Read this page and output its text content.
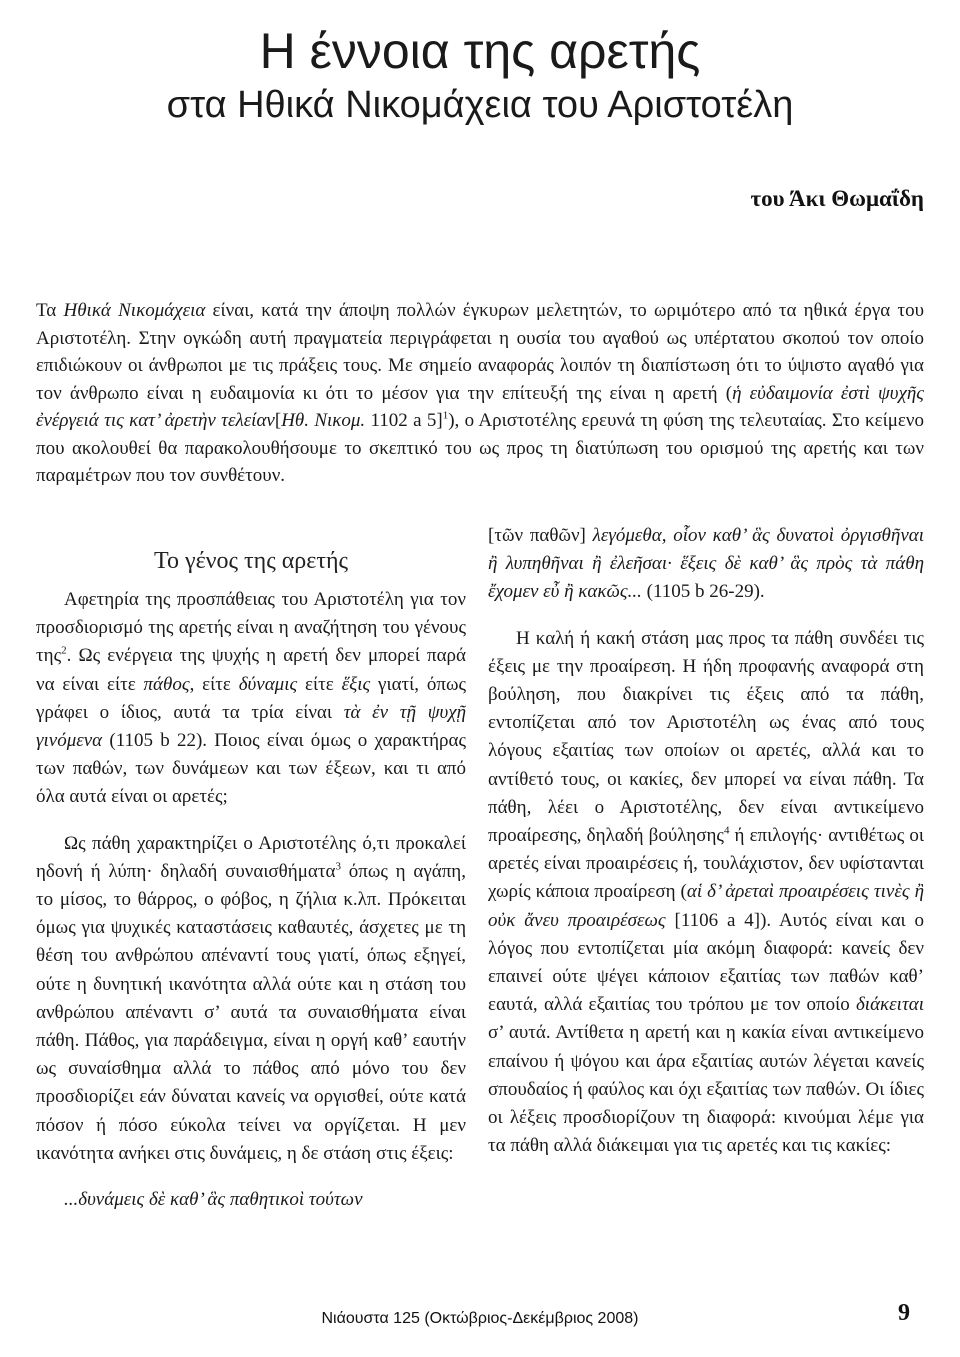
Η έννοια της αρετής
στα Ηθικά Νικομάχεια του Αριστοτέλη
του Άκι Θωμαΐδη

Τα Ηθικά Νικομάχεια είναι, κατά την άποψη πολλών έγκυρων μελετητών, το ωριμότερο από τα ηθικά έργα του Αριστοτέλη. Στην ογκώδη αυτή πραγματεία περιγράφεται η ουσία του αγαθού ως υπέρτατου σκοπού τον οποίο επιδιώκουν οι άνθρωποι με τις πράξεις τους. Με σημείο αναφοράς λοιπόν τη διαπίστωση ότι το ύψιστο αγαθό για τον άνθρωπο είναι η ευδαιμονία κι ότι το μέσον για την επίτευξή της είναι η αρετή (ἡ εὐδαιμονία ἐστὶ ψυχῆς ἐνέργειά τις κατ’ ἀρετὴν τελείαν[Ηθ. Νικομ. 1102 a 5]$^1$), ο Αριστοτέλης ερευνά τη φύση της τελευταίας. Στο κείμενο που ακολουθεί θα παρακολουθήσουμε το σκεπτικό του ως προς τη διατύπωση του ορισμού της αρετής και των παραμέτρων που τον συνθέτουν.

Το γένος της αρετής

Αφετηρία της προσπάθειας του Αριστοτέλη για τον προσδιορισμό της αρετής είναι η αναζήτηση του γένους της$^2$. Ως ενέργεια της ψυχής η αρετή δεν μπορεί παρά να είναι είτε πάθος, είτε δύναμις είτε ἕξις γιατί, όπως γράφει ο ίδιος, αυτά τα τρία είναι τὰ ἐν τῇ ψυχῇ γινόμενα (1105 b 22). Ποιος είναι όμως ο χαρακτήρας των παθών, των δυνάμεων και των έξεων, και τι από όλα αυτά είναι οι αρετές;

Ως πάθη χαρακτηρίζει ο Αριστοτέλης ό,τι προκαλεί ηδονή ή λύπη· δηλαδή συναισθήματα$^3$ όπως η αγάπη, το μίσος, το θάρρος, ο φόβος, η ζήλια κ.λπ. Πρόκειται όμως για ψυχικές καταστάσεις καθαυτές, άσχετες με τη θέση του ανθρώπου απέναντί τους γιατί, όπως εξηγεί, ούτε η δυνητική ικανότητα αλλά ούτε και η στάση του ανθρώπου απέναντι σ’ αυτά τα συναισθήματα είναι πάθη. Πάθος, για παράδειγμα, είναι η οργή καθ’ εαυτήν ως συναίσθημα αλλά το πάθος από μόνο του δεν προσδιορίζει εάν δύναται κανείς να οργισθεί, ούτε κατά πόσον ή πόσο εύκολα τείνει να οργίζεται. Η μεν ικανότητα ανήκει στις δυνάμεις, η δε στάση στις έξεις:

...δυνάμεις δὲ καθ’ ἃς παθητικοὶ τούτων

[τῶν παθῶν] λεγόμεθα, οἷον καθ’ ἃς δυνατοὶ ὀργισθῆναι ἢ λυπηθῆναι ἢ ἐλεῆσαι· ἕξεις δὲ καθ’ ἃς πρὸς τὰ πάθη ἔχομεν εὖ ἢ κακῶς... (1105 b 26-29).

Η καλή ή κακή στάση μας προς τα πάθη συνδέει τις έξεις με την προαίρεση. Η ήδη προφανής αναφορά στη βούληση, που διακρίνει τις έξεις από τα πάθη, εντοπίζεται από τον Αριστοτέλη ως ένας από τους λόγους εξαιτίας των οποίων οι αρετές, αλλά και το αντίθετό τους, οι κακίες, δεν μπορεί να είναι πάθη. Τα πάθη, λέει ο Αριστοτέλης, δεν είναι αντικείμενο προαίρεσης, δηλαδή βούλησης$^4$ ή επιλογής· αντιθέτως οι αρετές είναι προαιρέσεις ή, τουλάχιστον, δεν υφίστανται χωρίς κάποια προαίρεση (αἱ δ’ ἀρεταὶ προαιρέσεις τινὲς ἢ οὐκ ἄνευ προαιρέσεως [1106 a 4]). Αυτός είναι και ο λόγος που εντοπίζεται μία ακόμη διαφορά: κανείς δεν επαινεί ούτε ψέγει κάποιον εξαιτίας των παθών καθ’ εαυτά, αλλά εξαιτίας του τρόπου με τον οποίο διάκειται σ’ αυτά. Αντίθετα η αρετή και η κακία είναι αντικείμενο επαίνου ή ψόγου και άρα εξαιτίας αυτών λέγεται κανείς σπουδαίος ή φαύλος και όχι εξαιτίας των παθών. Οι ίδιες οι λέξεις προσδιορίζουν τη διαφορά: κινούμαι λέμε για τα πάθη αλλά διάκειμαι για τις αρετές και τις κακίες:

Νιάουστα 125 (Οκτώβριος-Δεκέμβριος 2008)	9
